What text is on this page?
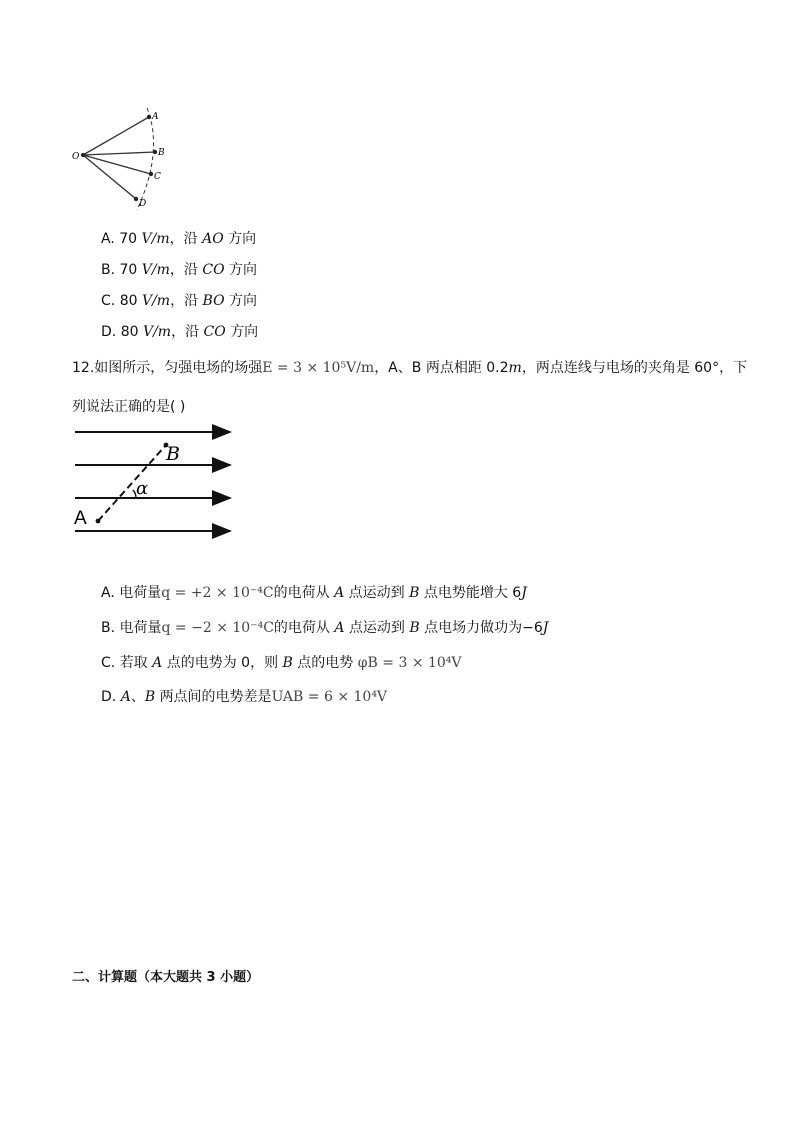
O
A
B
C
D
A. 70 V/m，沿 AO 方向
B. 70 V/m，沿 CO 方向
C. 80 V/m，沿 BO 方向
D. 80 V/m，沿 CO 方向
12.如图所示，匀强电场的场强E = 3 × 10⁵V/m，A、B 两点相距 0.2m，两点连线与电场的夹角是 60°，下
列说法正确的是( )
A
B
α
A. 电荷量q = +2 × 10⁻⁴C的电荷从 A 点运动到 B 点电势能增大 6J
B. 电荷量q = −2 × 10⁻⁴C的电荷从 A 点运动到 B 点电场力做功为−6J
C. 若取 A 点的电势为 0，则 B 点的电势 φB = 3 × 10⁴V
D. A、B 两点间的电势差是UAB = 6 × 10⁴V
二、计算题（本大题共 3 小题）
